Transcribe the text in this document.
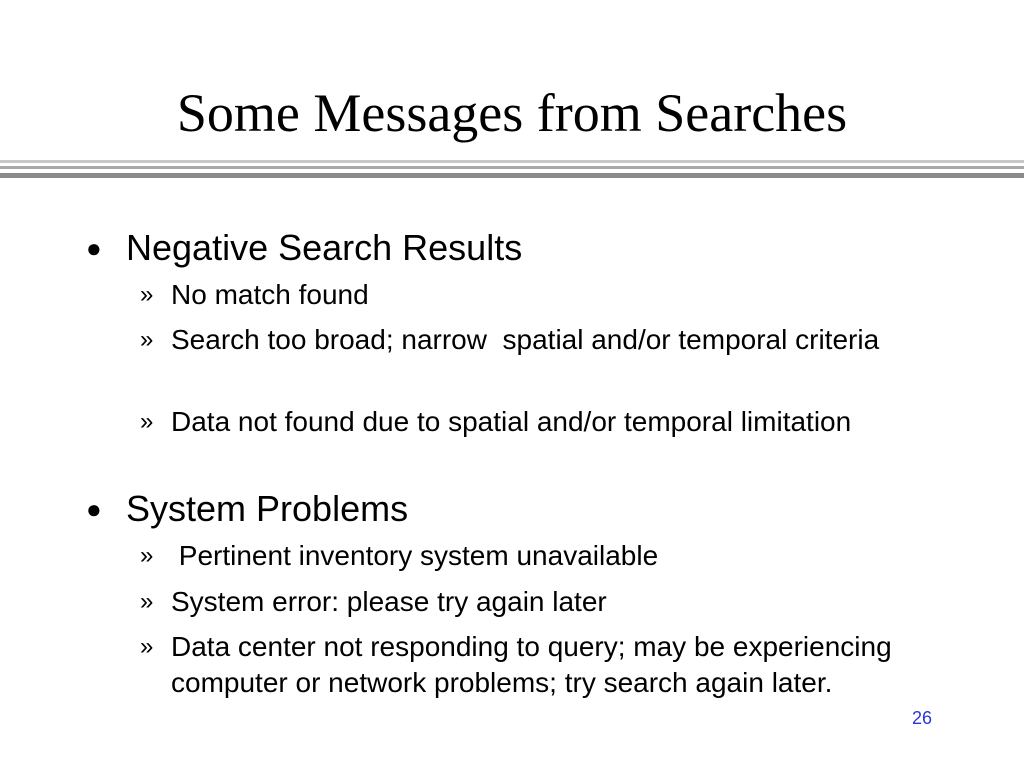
Some Messages from Searches
● Negative Search Results
» No match found
» Search too broad; narrow  spatial and/or temporal criteria
» Data not found due to spatial and/or temporal limitation
● System Problems
» Pertinent inventory system unavailable
» System error: please try again later
» Data center not responding to query; may be experiencing computer or network problems; try search again later.
26
